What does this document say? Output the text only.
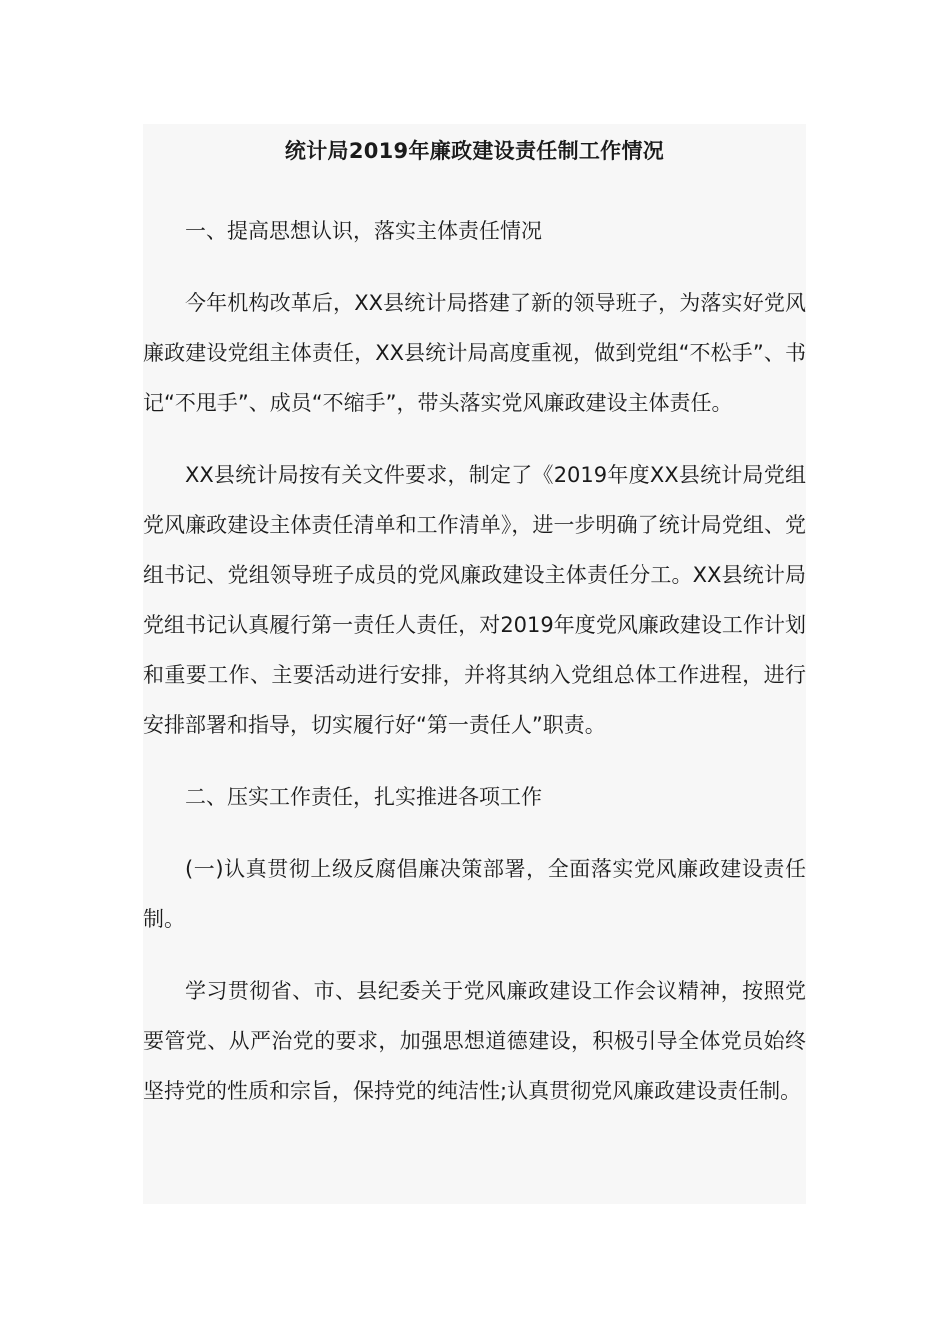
统计局2019年廉政建设责任制工作情况

一、提高思想认识，落实主体责任情况

今年机构改革后，XX县统计局搭建了新的领导班子，为落实好党风廉政建设党组主体责任，XX县统计局高度重视，做到党组“不松手”、书记“不甩手”、成员“不缩手”，带头落实党风廉政建设主体责任。

XX县统计局按有关文件要求，制定了《2019年度XX县统计局党组党风廉政建设主体责任清单和工作清单》，进一步明确了统计局党组、党组书记、党组领导班子成员的党风廉政建设主体责任分工。XX县统计局党组书记认真履行第一责任人责任，对2019年度党风廉政建设工作计划和重要工作、主要活动进行安排，并将其纳入党组总体工作进程，进行安排部署和指导，切实履行好“第一责任人”职责。

二、压实工作责任，扎实推进各项工作

(一)认真贯彻上级反腐倡廉决策部署，全面落实党风廉政建设责任制。

学习贯彻省、市、县纪委关于党风廉政建设工作会议精神，按照党要管党、从严治党的要求，加强思想道德建设，积极引导全体党员始终坚持党的性质和宗旨，保持党的纯洁性;认真贯彻党风廉政建设责任制。
